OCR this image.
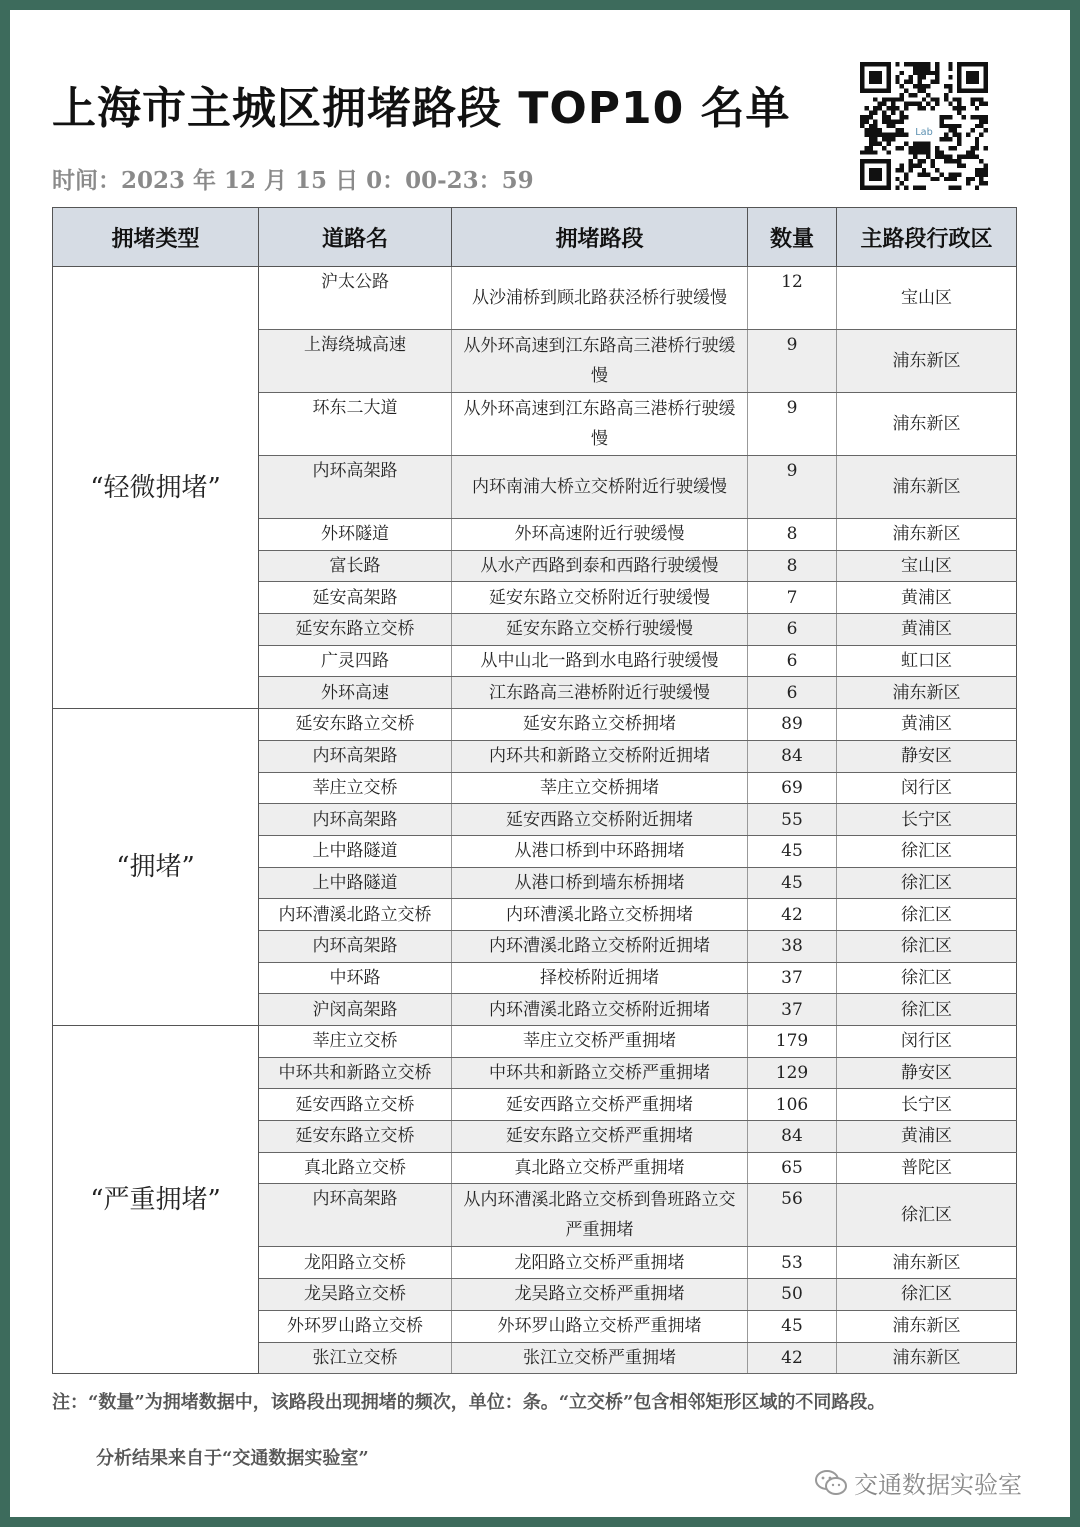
上海市主城区拥堵路段 TOP10 名单
时间：2023 年 12 月 15 日 0：00-23：59
Lab
拥堵类型	道路名	拥堵路段	数量	主路段行政区
“轻微拥堵”	沪太公路	从沙浦桥到顾北路获泾桥行驶缓慢	12	宝山区
	上海绕城高速	从外环高速到江东路高三港桥行驶缓慢	9	浦东新区
	环东二大道	从外环高速到江东路高三港桥行驶缓慢	9	浦东新区
	内环高架路	内环南浦大桥立交桥附近行驶缓慢	9	浦东新区
	外环隧道	外环高速附近行驶缓慢	8	浦东新区
	富长路	从水产西路到泰和西路行驶缓慢	8	宝山区
	延安高架路	延安东路立交桥附近行驶缓慢	7	黄浦区
	延安东路立交桥	延安东路立交桥行驶缓慢	6	黄浦区
	广灵四路	从中山北一路到水电路行驶缓慢	6	虹口区
	外环高速	江东路高三港桥附近行驶缓慢	6	浦东新区
“拥堵”	延安东路立交桥	延安东路立交桥拥堵	89	黄浦区
	内环高架路	内环共和新路立交桥附近拥堵	84	静安区
	莘庄立交桥	莘庄立交桥拥堵	69	闵行区
	内环高架路	延安西路立交桥附近拥堵	55	长宁区
	上中路隧道	从港口桥到中环路拥堵	45	徐汇区
	上中路隧道	从港口桥到墙东桥拥堵	45	徐汇区
	内环漕溪北路立交桥	内环漕溪北路立交桥拥堵	42	徐汇区
	内环高架路	内环漕溪北路立交桥附近拥堵	38	徐汇区
	中环路	择校桥附近拥堵	37	徐汇区
	沪闵高架路	内环漕溪北路立交桥附近拥堵	37	徐汇区
“严重拥堵”	莘庄立交桥	莘庄立交桥严重拥堵	179	闵行区
	中环共和新路立交桥	中环共和新路立交桥严重拥堵	129	静安区
	延安西路立交桥	延安西路立交桥严重拥堵	106	长宁区
	延安东路立交桥	延安东路立交桥严重拥堵	84	黄浦区
	真北路立交桥	真北路立交桥严重拥堵	65	普陀区
	内环高架路	从内环漕溪北路立交桥到鲁班路立交严重拥堵	56	徐汇区
	龙阳路立交桥	龙阳路立交桥严重拥堵	53	浦东新区
	龙吴路立交桥	龙吴路立交桥严重拥堵	50	徐汇区
	外环罗山路立交桥	外环罗山路立交桥严重拥堵	45	浦东新区
	张江立交桥	张江立交桥严重拥堵	42	浦东新区
注：“数量”为拥堵数据中，该路段出现拥堵的频次，单位：条。“立交桥”包含相邻矩形区域的不同路段。
分析结果来自于“交通数据实验室”
交通数据实验室
